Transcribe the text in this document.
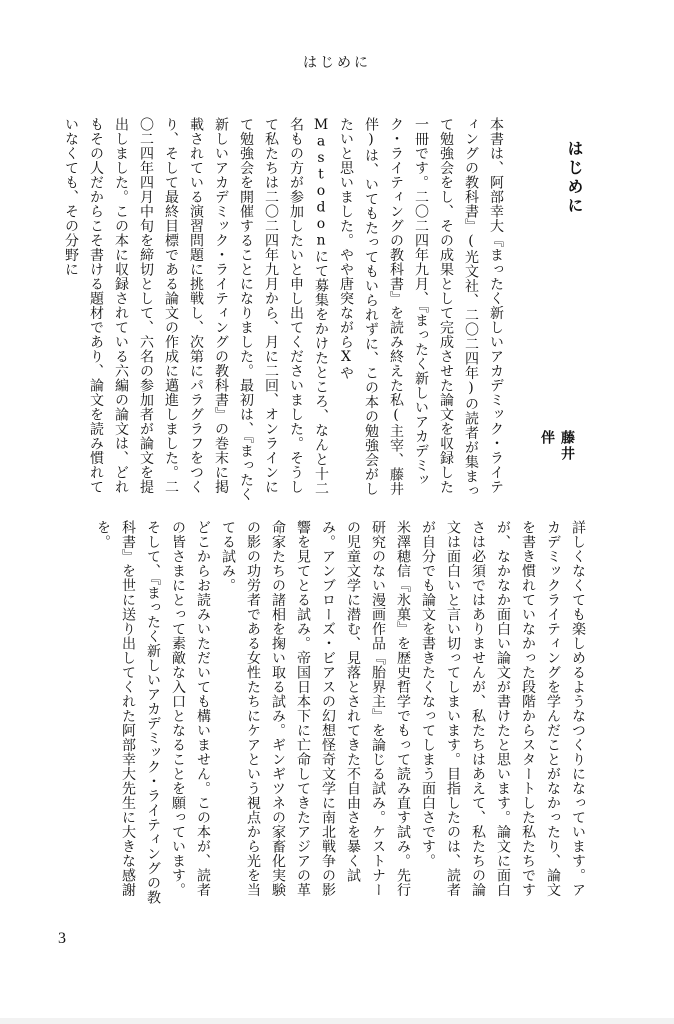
はじめに
はじめに
藤井 伴

本書は、阿部幸大『まったく新しいアカデミック・ライティングの教科書』(光文社、二〇二四年)の読者が集まって勉強会をし、その成果として完成させた論文を収録した一冊です。二〇二四年九月、『まったく新しいアカデミック・ライティングの教科書』を読み終えた私(主宰、藤井伴)は、いてもたってもいられずに、この本の勉強会がしたいと思いました。やや唐突ながらXやMastodonにて募集をかけたところ、なんと十二名もの方が参加したいと申し出てくださいました。そうして私たちは二〇二四年九月から、月に二回、オンラインにて勉強会を開催することになりました。最初は、『まったく新しいアカデミック・ライティングの教科書』の巻末に掲載されている演習問題に挑戦し、次第にパラグラフをつくり、そして最終目標である論文の作成に邁進しました。二〇二四年四月中旬を締切として、六名の参加者が論文を提出しました。この本に収録されている六編の論文は、どれもその人だからこそ書ける題材であり、論文を読み慣れていなくても、その分野に

詳しくなくても楽しめるようなつくりになっています。アカデミックライティングを学んだことがなかったり、論文を書き慣れていなかった段階からスタートした私たちですが、なかなか面白い論文が書けたと思います。論文に面白さは必須ではありませんが、私たちはあえて、私たちの論文は面白いと言い切ってしまいます。目指したのは、読者が自分でも論文を書きたくなってしまう面白さです。

米澤穂信『氷菓』を歴史哲学でもって読み直す試み。先行研究のない漫画作品『胎界主』を論じる試み。ケストナーの児童文学に潜む、見落とされてきた不自由さを暴く試み。アンブローズ・ビアスの幻想怪奇文学に南北戦争の影響を見てとる試み。帝国日本下に亡命してきたアジアの革命家たちの諸相を掬い取る試み。ギンギツネの家畜化実験の影の功労者である女性たちにケアという視点から光を当てる試み。

どこからお読みいただいても構いません。この本が、読者の皆さまにとって素敵な入口となることを願っています。そして、『まったく新しいアカデミック・ライティングの教科書』を世に送り出してくれた阿部幸大先生に大きな感謝を。

3
